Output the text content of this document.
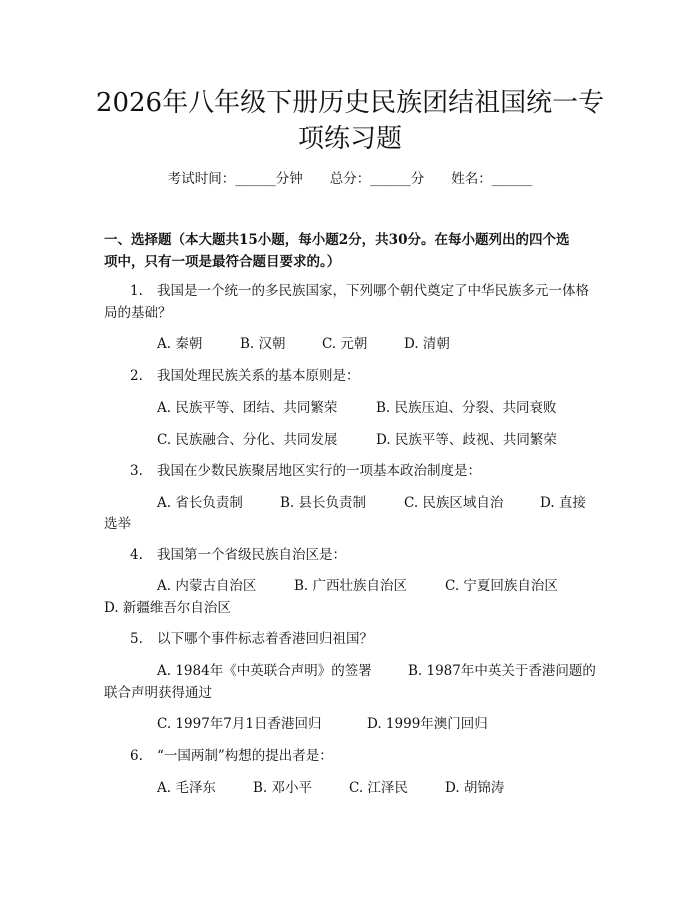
2026年八年级下册历史民族团结祖国统一专
项练习题
考试时间：______分钟　　总分：______分　　姓名：______
一、选择题（本大题共15小题，每小题2分，共30分。在每小题列出的四个选
项中，只有一项是最符合题目要求的。）
1. 我国是一个统一的多民族国家，下列哪个朝代奠定了中华民族多元一体格
局的基础？
A. 秦朝	B. 汉朝	C. 元朝	D. 清朝
2. 我国处理民族关系的基本原则是：
A. 民族平等、团结、共同繁荣	B. 民族压迫、分裂、共同衰败
C. 民族融合、分化、共同发展	D. 民族平等、歧视、共同繁荣
3. 我国在少数民族聚居地区实行的一项基本政治制度是：
A. 省长负责制	B. 县长负责制	C. 民族区域自治	D. 直接
选举
4. 我国第一个省级民族自治区是：
A. 内蒙古自治区	B. 广西壮族自治区	C. 宁夏回族自治区
D. 新疆维吾尔自治区
5. 以下哪个事件标志着香港回归祖国？
A. 1984年《中英联合声明》的签署	B. 1987年中英关于香港问题的
联合声明获得通过
C. 1997年7月1日香港回归	D. 1999年澳门回归
6. “一国两制”构想的提出者是：
A. 毛泽东	B. 邓小平	C. 江泽民	D. 胡锦涛
